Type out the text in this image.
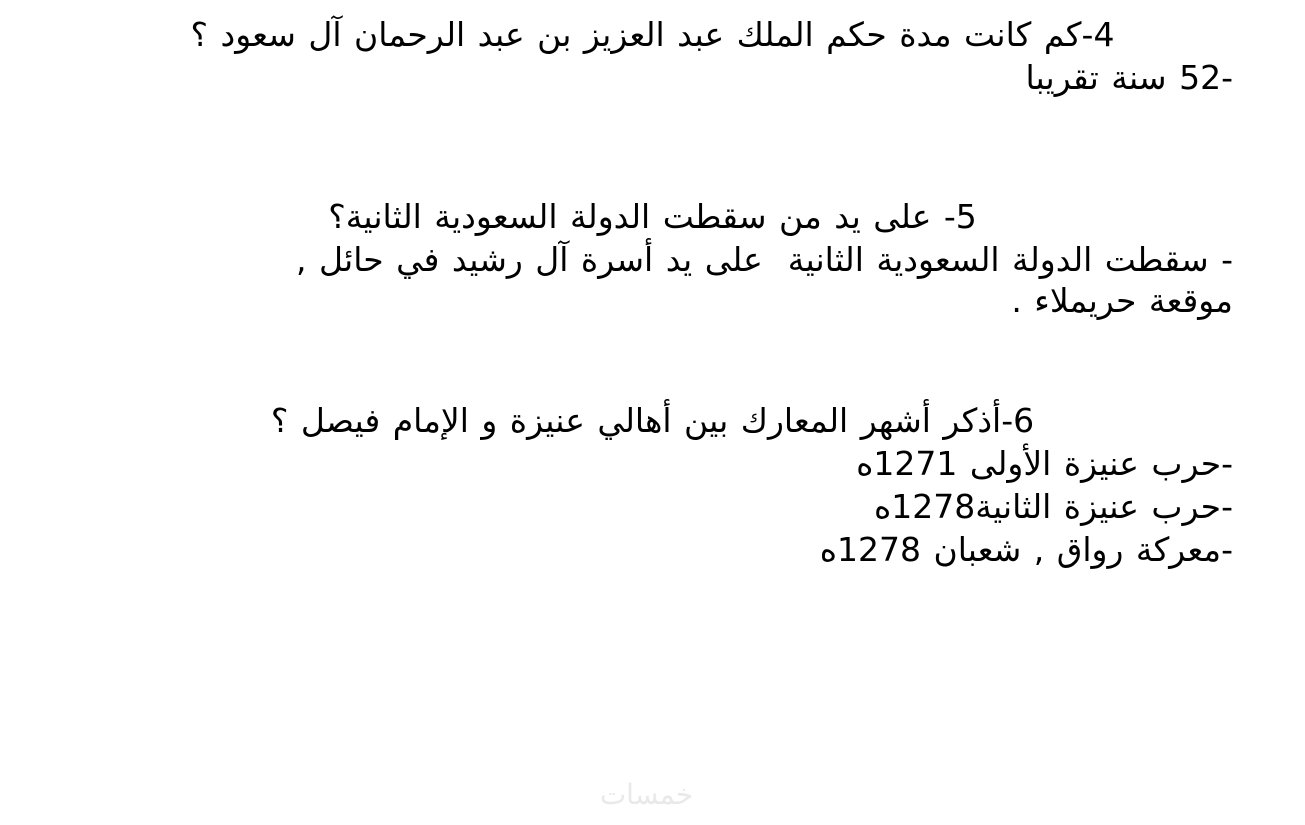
4-كم كانت مدة حكم الملك عبد العزيز بن عبد الرحمان آل سعود ؟
-52 سنة تقريبا
5- على يد من سقطت الدولة السعودية الثانية؟
- سقطت الدولة السعودية الثانية  على يد أسرة آل رشيد في حائل ,
موقعة حريملاء .
6-أذكر أشهر المعارك بين أهالي عنيزة و الإمام فيصل ؟
-حرب عنيزة الأولى 1271ه
-حرب عنيزة الثانية1278ه
-معركة رواق , شعبان 1278ه
خمسات
